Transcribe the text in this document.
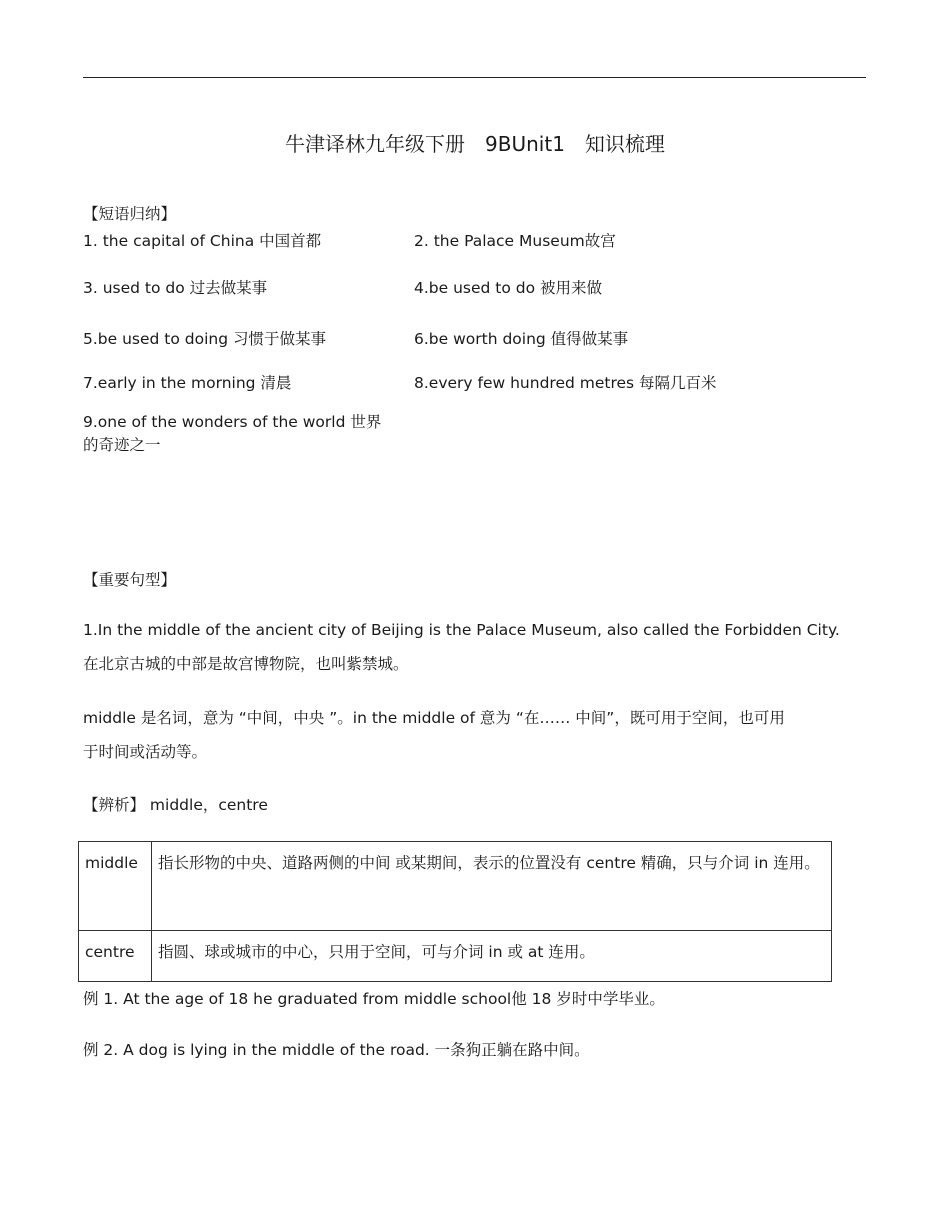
牛津译林九年级下册　9BUnit1　知识梳理
【短语归纳】
1. the capital of China 中国首都	2. the Palace Museum故宫
3. used to do 过去做某事	4.be used to do 被用来做
5.be used to doing 习惯于做某事	6.be worth doing 值得做某事
7.early in the morning 清晨	8.every few hundred metres 每隔几百米
9.one of the wonders of the world 世界
的奇迹之一
【重要句型】
1.In the middle of the ancient city of Beijing is the Palace Museum, also called the Forbidden City.
在北京古城的中部是故宫博物院，也叫紫禁城。
middle 是名词，意为 “中间，中央 ”。in the middle of 意为 “在…… 中间”，既可用于空间，也可用
于时间或活动等。
【辨析】 middle，centre
middle	指长形物的中央、道路两侧的中间 或某期间，表示的位置没有 centre 精确，只与介词 in 连用。
centre	指圆、球或城市的中心，只用于空间，可与介词 in 或 at 连用。
例 1. At the age of 18 he graduated from middle school他 18 岁时中学毕业。
例 2. A dog is lying in the middle of the road. 一条狗正躺在路中间。
